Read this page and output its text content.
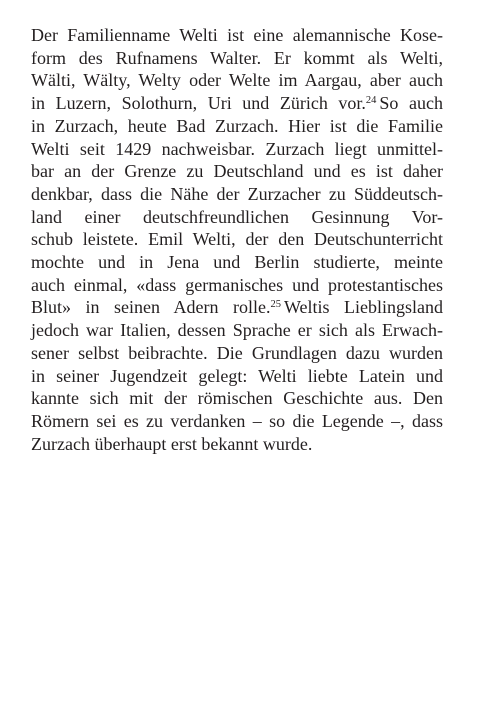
Der Familienname Welti ist eine alemannische Kose-
form des Rufnamens Walter. Er kommt als Welti,
Wälti, Wälty, Welty oder Welte im Aargau, aber auch
in Luzern, Solothurn, Uri und Zürich vor.$^{24}$ So auch
in Zurzach, heute Bad Zurzach. Hier ist die Familie
Welti seit 1429 nachweisbar. Zurzach liegt unmittel-
bar an der Grenze zu Deutschland und es ist daher
denkbar, dass die Nähe der Zurzacher zu Süddeutsch-
land einer deutschfreundlichen Gesinnung Vor-
schub leistete. Emil Welti, der den Deutschunterricht
mochte und in Jena und Berlin studierte, meinte
auch einmal, «dass germanisches und protestantisches
Blut» in seinen Adern rolle.$^{25}$ Weltis Lieblingsland
jedoch war Italien, dessen Sprache er sich als Erwach-
sener selbst beibrachte. Die Grundlagen dazu wurden
in seiner Jugendzeit gelegt: Welti liebte Latein und
kannte sich mit der römischen Geschichte aus. Den
Römern sei es zu verdanken – so die Legende –, dass
Zurzach überhaupt erst bekannt wurde.
